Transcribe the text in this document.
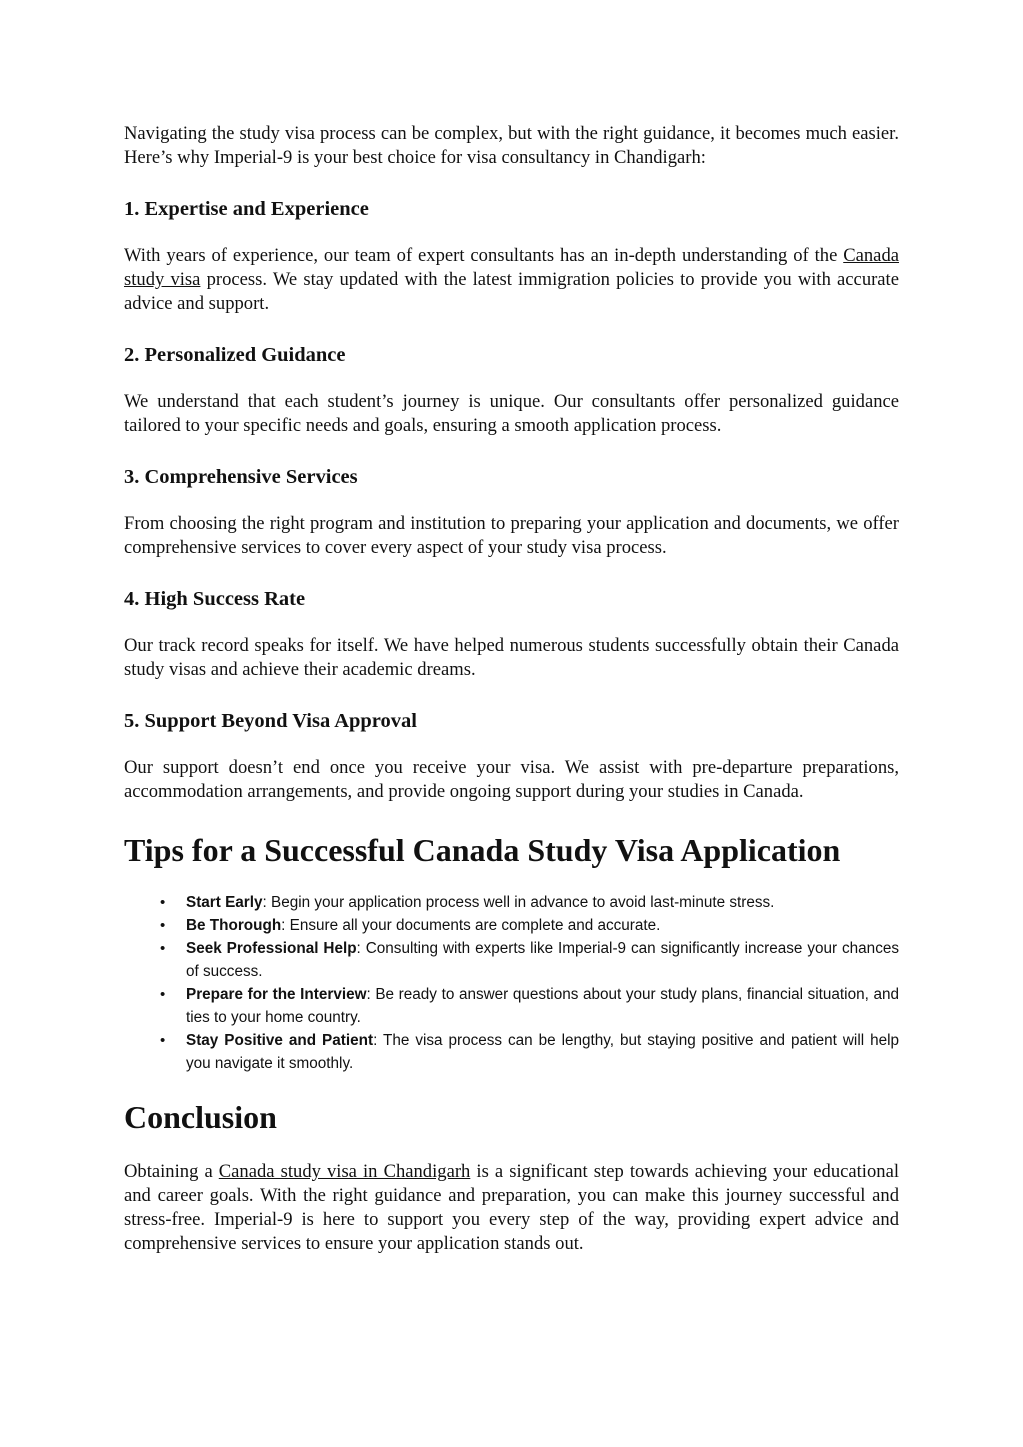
Navigating the study visa process can be complex, but with the right guidance, it becomes much easier. Here’s why Imperial-9 is your best choice for visa consultancy in Chandigarh:

1. Expertise and Experience

With years of experience, our team of expert consultants has an in-depth understanding of the Canada study visa process. We stay updated with the latest immigration policies to provide you with accurate advice and support.

2. Personalized Guidance

We understand that each student’s journey is unique. Our consultants offer personalized guidance tailored to your specific needs and goals, ensuring a smooth application process.

3. Comprehensive Services

From choosing the right program and institution to preparing your application and documents, we offer comprehensive services to cover every aspect of your study visa process.

4. High Success Rate

Our track record speaks for itself. We have helped numerous students successfully obtain their Canada study visas and achieve their academic dreams.

5. Support Beyond Visa Approval

Our support doesn’t end once you receive your visa. We assist with pre-departure preparations, accommodation arrangements, and provide ongoing support during your studies in Canada.

Tips for a Successful Canada Study Visa Application
• Start Early: Begin your application process well in advance to avoid last-minute stress.
• Be Thorough: Ensure all your documents are complete and accurate.
• Seek Professional Help: Consulting with experts like Imperial-9 can significantly increase your chances of success.
• Prepare for the Interview: Be ready to answer questions about your study plans, financial situation, and ties to your home country.
• Stay Positive and Patient: The visa process can be lengthy, but staying positive and patient will help you navigate it smoothly.
Conclusion

Obtaining a Canada study visa in Chandigarh is a significant step towards achieving your educational and career goals. With the right guidance and preparation, you can make this journey successful and stress-free. Imperial-9 is here to support you every step of the way, providing expert advice and comprehensive services to ensure your application stands out.
